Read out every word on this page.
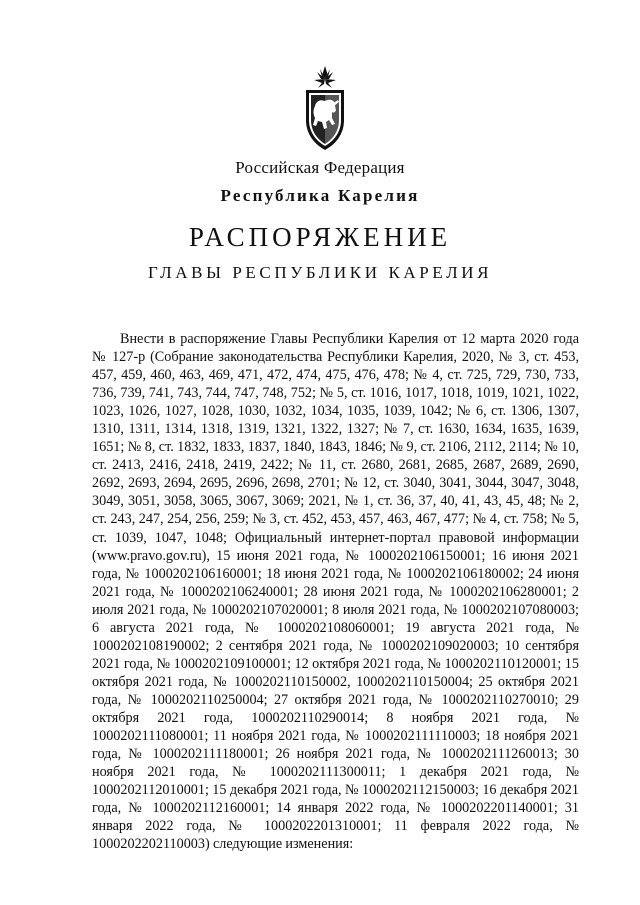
Российская Федерация
Республика Карелия
РАСПОРЯЖЕНИЕ
ГЛАВЫ РЕСПУБЛИКИ КАРЕЛИЯ

Внести в распоряжение Главы Республики Карелия от 12 марта 2020 года № 127-р (Собрание законодательства Республики Карелия, 2020, № 3, ст. 453, 457, 459, 460, 463, 469, 471, 472, 474, 475, 476, 478; № 4, ст. 725, 729, 730, 733, 736, 739, 741, 743, 744, 747, 748, 752; № 5, ст. 1016, 1017, 1018, 1019, 1021, 1022, 1023, 1026, 1027, 1028, 1030, 1032, 1034, 1035, 1039, 1042; № 6, ст. 1306, 1307, 1310, 1311, 1314, 1318, 1319, 1321, 1322, 1327; № 7, ст. 1630, 1634, 1635, 1639, 1651; № 8, ст. 1832, 1833, 1837, 1840, 1843, 1846; № 9, ст. 2106, 2112, 2114; № 10, ст. 2413, 2416, 2418, 2419, 2422; № 11, ст. 2680, 2681, 2685, 2687, 2689, 2690, 2692, 2693, 2694, 2695, 2696, 2698, 2701; № 12, ст. 3040, 3041, 3044, 3047, 3048, 3049, 3051, 3058, 3065, 3067, 3069; 2021, № 1, ст. 36, 37, 40, 41, 43, 45, 48; № 2, ст. 243, 247, 254, 256, 259; № 3, ст. 452, 453, 457, 463, 467, 477; № 4, ст. 758; № 5, ст. 1039, 1047, 1048; Официальный интернет-портал правовой информации (www.pravo.gov.ru), 15 июня 2021 года, № 1000202106150001; 16 июня 2021 года, № 1000202106160001; 18 июня 2021 года, № 1000202106180002; 24 июня 2021 года, № 1000202106240001; 28 июня 2021 года, № 1000202106280001; 2 июля 2021 года, № 1000202107020001; 8 июля 2021 года, № 1000202107080003; 6 августа 2021 года, № 1000202108060001; 19 августа 2021 года, № 1000202108190002; 2 сентября 2021 года, № 1000202109020003; 10 сентября 2021 года, № 1000202109100001; 12 октября 2021 года, № 1000202110120001; 15 октября 2021 года, № 1000202110150002, 1000202110150004; 25 октября 2021 года, № 1000202110250004; 27 октября 2021 года, № 1000202110270010; 29 октября 2021 года, 1000202110290014; 8 ноября 2021 года, № 1000202111080001; 11 ноября 2021 года, № 1000202111110003; 18 ноября 2021 года, № 1000202111180001; 26 ноября 2021 года, № 1000202111260013; 30 ноября 2021 года, № 1000202111300011; 1 декабря 2021 года, № 1000202112010001; 15 декабря 2021 года, № 1000202112150003; 16 декабря 2021 года, № 1000202112160001; 14 января 2022 года, № 1000202201140001; 31 января 2022 года, № 1000202201310001; 11 февраля 2022 года, № 1000202202110003) следующие изменения:
